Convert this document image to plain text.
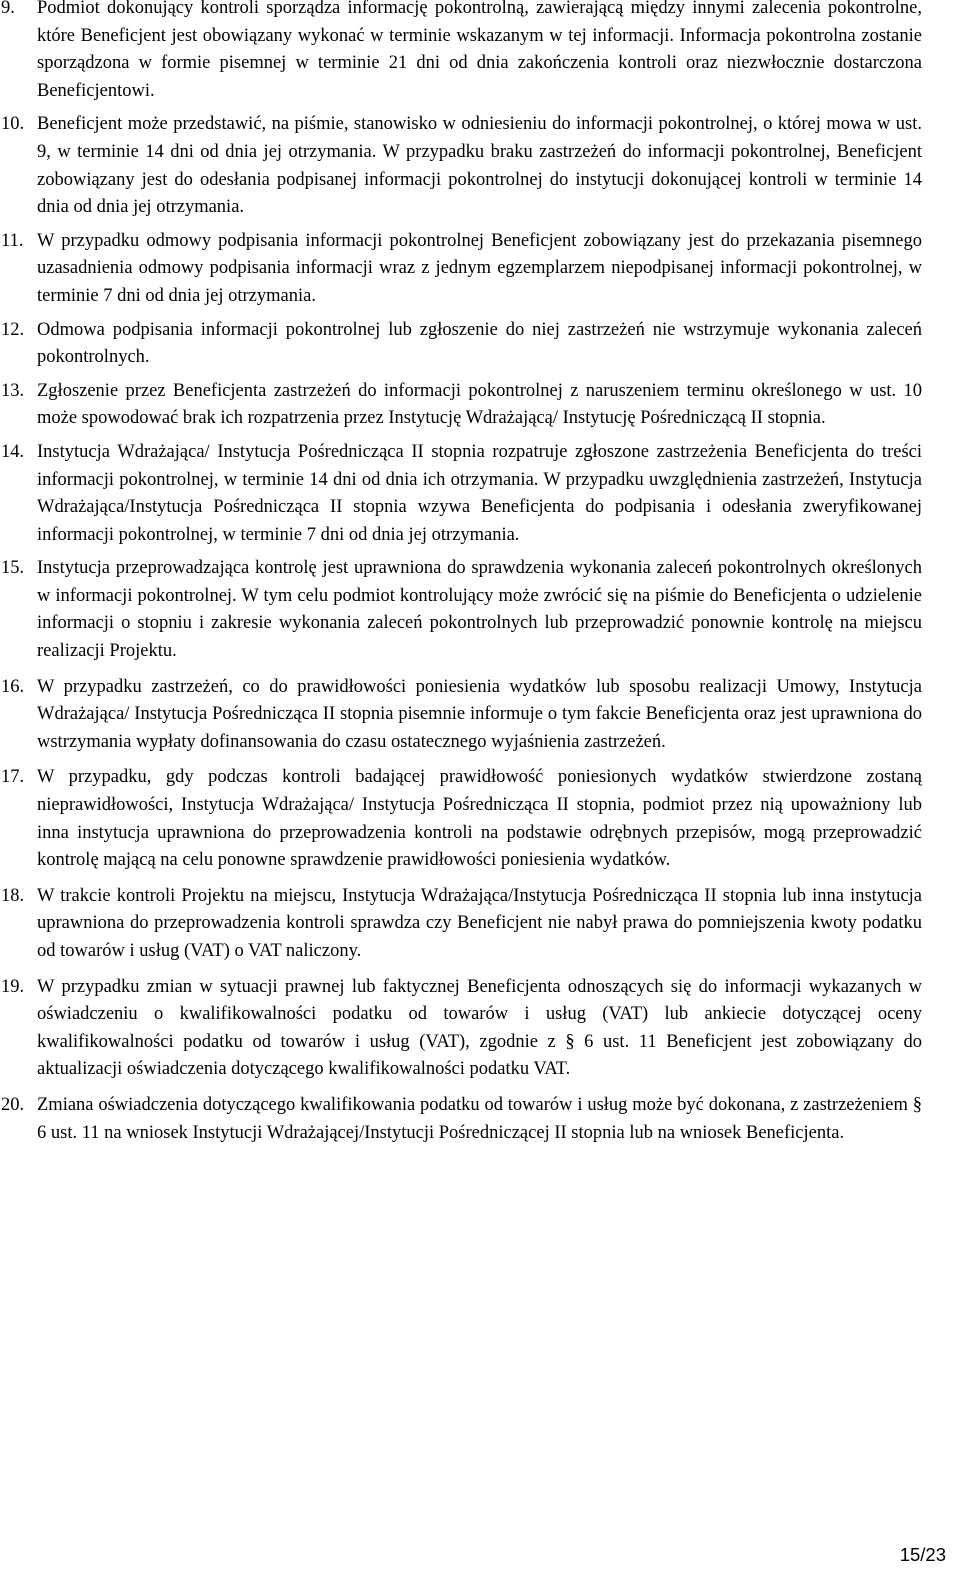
9. Podmiot dokonujący kontroli sporządza informację pokontrolną, zawierającą między innymi zalecenia pokontrolne, które Beneficjent jest obowiązany wykonać w terminie wskazanym w tej informacji. Informacja pokontrolna zostanie sporządzona w formie pisemnej w terminie 21 dni od dnia zakończenia kontroli oraz niezwłocznie dostarczona Beneficjentowi.
10. Beneficjent może przedstawić, na piśmie, stanowisko w odniesieniu do informacji pokontrolnej, o której mowa w ust. 9, w terminie 14 dni od dnia jej otrzymania. W przypadku braku zastrzeżeń do informacji pokontrolnej, Beneficjent zobowiązany jest do odesłania podpisanej informacji pokontrolnej do instytucji dokonującej kontroli w terminie 14 dnia od dnia jej otrzymania.
11. W przypadku odmowy podpisania informacji pokontrolnej Beneficjent zobowiązany jest do przekazania pisemnego uzasadnienia odmowy podpisania informacji wraz z jednym egzemplarzem niepodpisanej informacji pokontrolnej, w terminie 7 dni od dnia jej otrzymania.
12. Odmowa podpisania informacji pokontrolnej lub zgłoszenie do niej zastrzeżeń nie wstrzymuje wykonania zaleceń pokontrolnych.
13. Zgłoszenie przez Beneficjenta zastrzeżeń do informacji pokontrolnej z naruszeniem terminu określonego w ust. 10 może spowodować brak ich rozpatrzenia przez Instytucję Wdrażającą/ Instytucję Pośredniczącą II stopnia.
14. Instytucja Wdrażająca/ Instytucja Pośrednicząca II stopnia rozpatruje zgłoszone zastrzeżenia Beneficjenta do treści informacji pokontrolnej, w terminie 14 dni od dnia ich otrzymania. W przypadku uwzględnienia zastrzeżeń, Instytucja Wdrażająca/Instytucja Pośrednicząca II stopnia wzywa Beneficjenta do podpisania i odesłania zweryfikowanej informacji pokontrolnej, w terminie 7 dni od dnia jej otrzymania.
15. Instytucja przeprowadzająca kontrolę jest uprawniona do sprawdzenia wykonania zaleceń pokontrolnych określonych w informacji pokontrolnej. W tym celu podmiot kontrolujący może zwrócić się na piśmie do Beneficjenta o udzielenie informacji o stopniu i zakresie wykonania zaleceń pokontrolnych lub przeprowadzić ponownie kontrolę na miejscu realizacji Projektu.
16. W przypadku zastrzeżeń, co do prawidłowości poniesienia wydatków lub sposobu realizacji Umowy, Instytucja Wdrażająca/ Instytucja Pośrednicząca II stopnia pisemnie informuje o tym fakcie Beneficjenta oraz jest uprawniona do wstrzymania wypłaty dofinansowania do czasu ostatecznego wyjaśnienia zastrzeżeń.
17. W przypadku, gdy podczas kontroli badającej prawidłowość poniesionych wydatków stwierdzone zostaną nieprawidłowości, Instytucja Wdrażająca/ Instytucja Pośrednicząca II stopnia, podmiot przez nią upoważniony lub inna instytucja uprawniona do przeprowadzenia kontroli na podstawie odrębnych przepisów, mogą przeprowadzić kontrolę mającą na celu ponowne sprawdzenie prawidłowości poniesienia wydatków.
18. W trakcie kontroli Projektu na miejscu, Instytucja Wdrażająca/Instytucja Pośrednicząca II stopnia lub inna instytucja uprawniona do przeprowadzenia kontroli sprawdza czy Beneficjent nie nabył prawa do pomniejszenia kwoty podatku od towarów i usług (VAT) o VAT naliczony.
19. W przypadku zmian w sytuacji prawnej lub faktycznej Beneficjenta odnoszących się do informacji wykazanych w oświadczeniu o kwalifikowalności podatku od towarów i usług (VAT) lub ankiecie dotyczącej oceny kwalifikowalności podatku od towarów i usług (VAT), zgodnie z § 6 ust. 11 Beneficjent jest zobowiązany do aktualizacji oświadczenia dotyczącego kwalifikowalności podatku VAT.
20. Zmiana oświadczenia dotyczącego kwalifikowania podatku od towarów i usług może być dokonana, z zastrzeżeniem § 6 ust. 11 na wniosek Instytucji Wdrażającej/Instytucji Pośredniczącej II stopnia lub na wniosek Beneficjenta.
15/23
